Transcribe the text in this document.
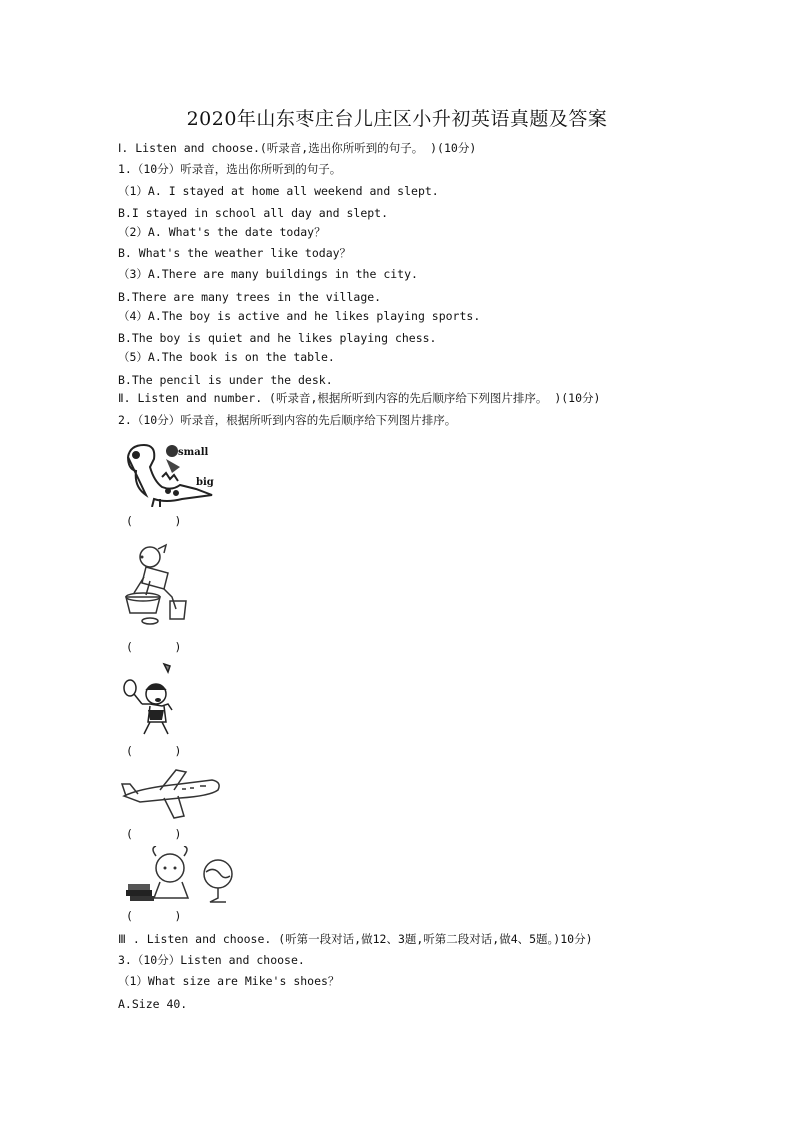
2020年山东枣庄台儿庄区小升初英语真题及答案
Ⅰ. Listen and choose.(听录音,选出你所听到的句子。 )(10分)
1.（10分）听录音，选出你所听到的句子。
（1）A. I stayed at home all weekend and slept.
B.I stayed in school all day and slept.
（2）A. What's the date today？
B. What's the weather like today？
（3）A.There are many buildings in the city.
B.There are many trees in the village.
（4）A.The boy is active and he likes playing sports.
B.The boy is quiet and he likes playing chess.
（5）A.The book is on the table.
B.The pencil is under the desk.
Ⅱ. Listen and number. (听录音,根据所听到内容的先后顺序给下列图片排序。 )(10分)
2.（10分）听录音，根据所听到内容的先后顺序给下列图片排序。
small
big
(      )
(      )
(      )
(      )
(      )
Ⅲ . Listen and choose. (听第一段对话,做12、3题,听第二段对话,做4、5题。)10分)
3.（10分）Listen and choose.
（1）What size are Mike's shoes？
A.Size 40.
